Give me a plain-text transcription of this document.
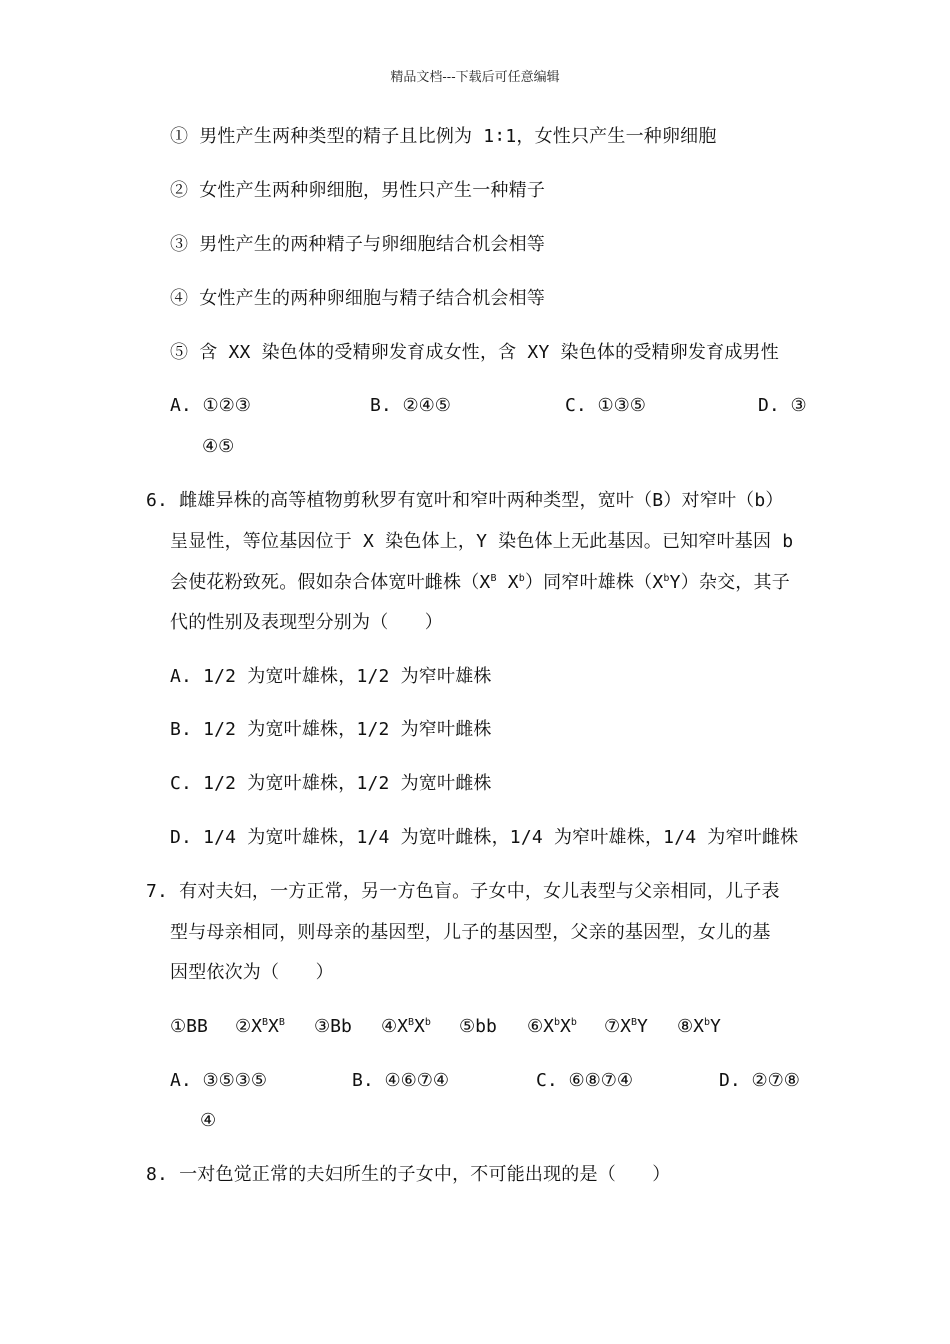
精品文档---下载后可任意编辑
① 男性产生两种类型的精子且比例为 1∶1，女性只产生一种卵细胞
② 女性产生两种卵细胞，男性只产生一种精子
③ 男性产生的两种精子与卵细胞结合机会相等
④ 女性产生的两种卵细胞与精子结合机会相等
⑤ 含 XX 染色体的受精卵发育成女性，含 XY 染色体的受精卵发育成男性
A. ①②③	B. ②④⑤	C. ①③⑤	D. ③
④⑤
6. 雌雄异株的高等植物剪秋罗有宽叶和窄叶两种类型，宽叶（B）对窄叶（b）
呈显性，等位基因位于 X 染色体上，Y 染色体上无此基因。已知窄叶基因 b
会使花粉致死。假如杂合体宽叶雌株（$X^B$ $X^b$）同窄叶雄株$(X^bY)$杂交，其子
代的性别及表现型分别为（　　）
A. 1/2 为宽叶雄株，1/2 为窄叶雄株
B. 1/2 为宽叶雄株，1/2 为窄叶雌株
C. 1/2 为宽叶雄株，1/2 为宽叶雌株
D. 1/4 为宽叶雄株，1/4 为宽叶雌株，1/4 为窄叶雄株，1/4 为窄叶雌株
7. 有对夫妇，一方正常，另一方色盲。子女中，女儿表型与父亲相同，儿子表
型与母亲相同，则母亲的基因型，儿子的基因型，父亲的基因型，女儿的基
因型依次为（　　）
①BB $②X^BX^B$ ③Bb $④X^BX^b$ ⑤bb $⑥X^bX^b$ $⑦X^BY$ $⑧X^bY$
A. ③⑤③⑤	B. ④⑥⑦④	C. ⑥⑧⑦④	D. ②⑦⑧
④
8. 一对色觉正常的夫妇所生的子女中，不可能出现的是（　　）
